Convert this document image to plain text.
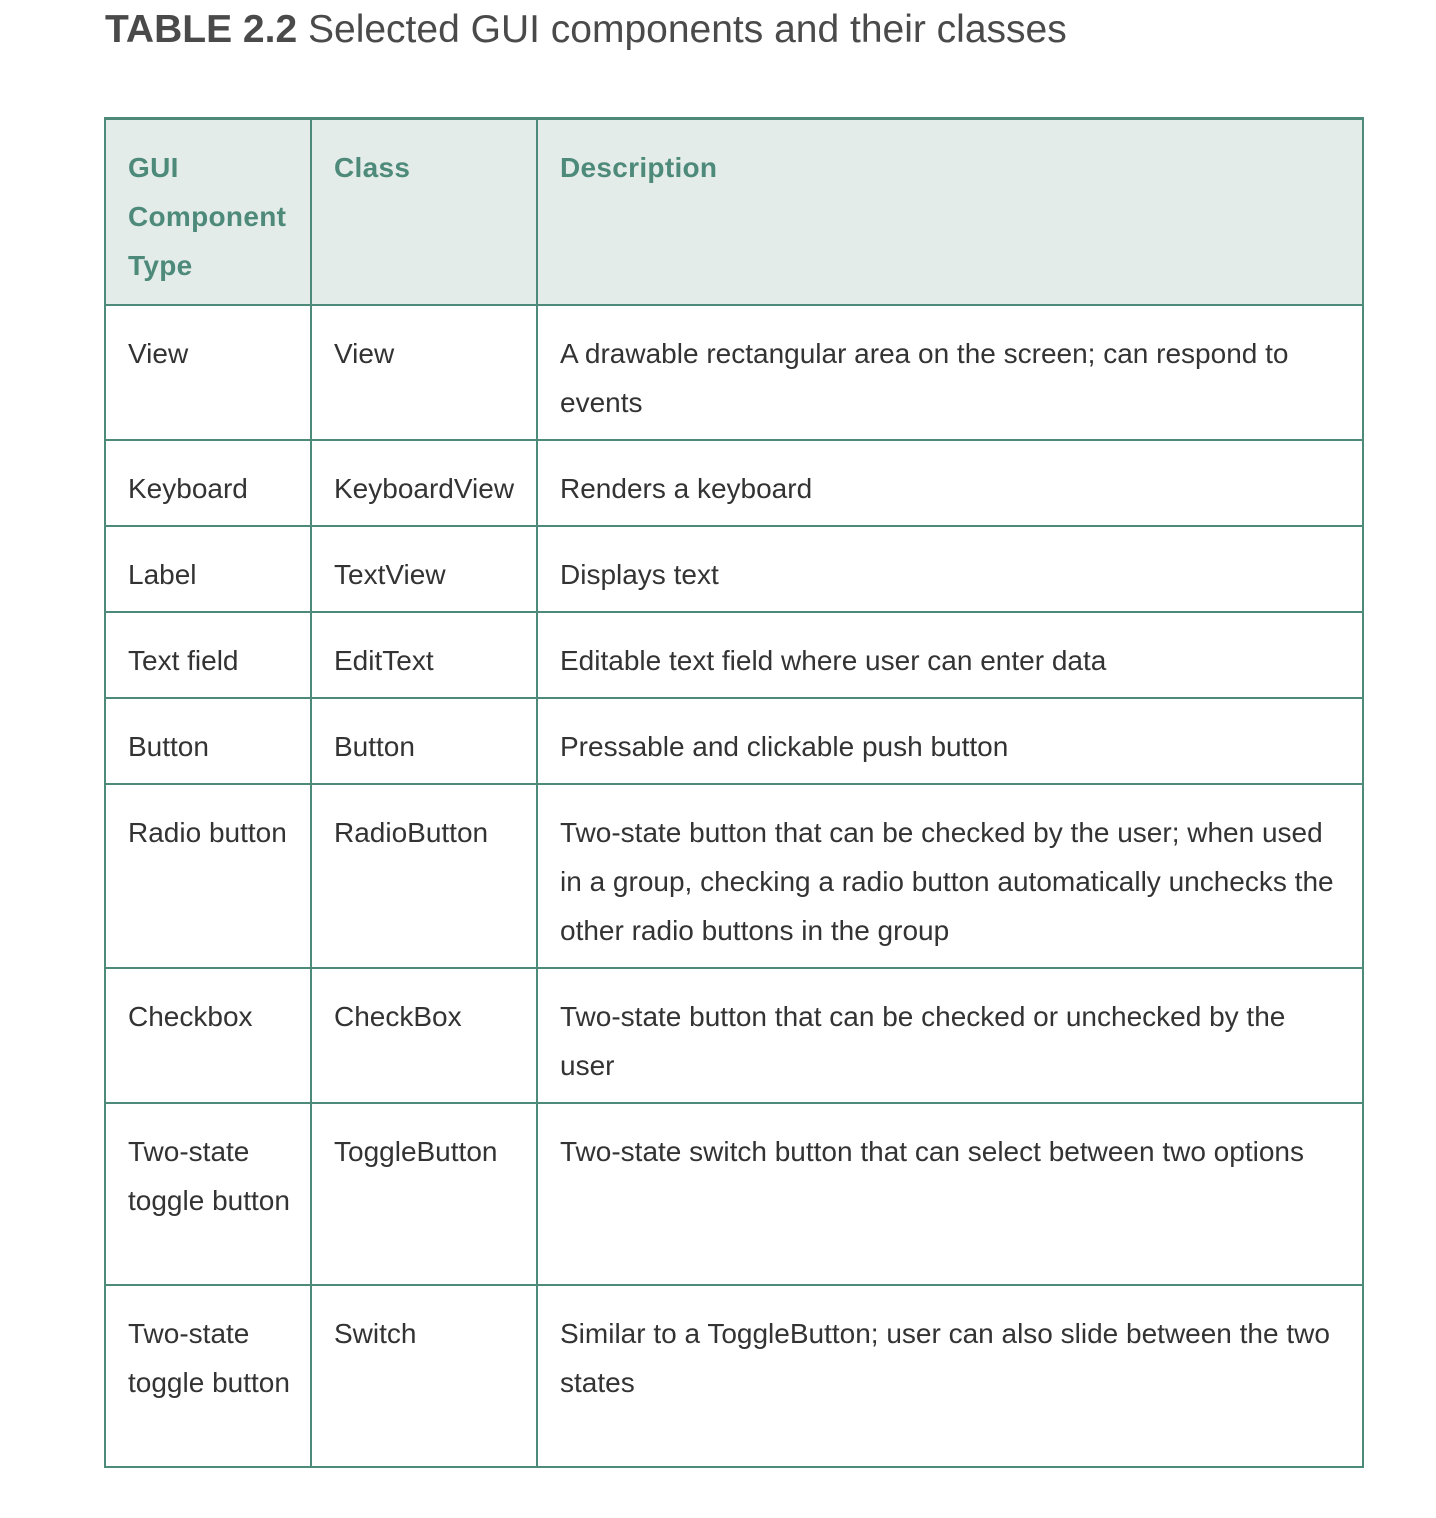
TABLE 2.2 Selected GUI components and their classes
GUI Component Type	Class	Description
View	View	A drawable rectangular area on the screen; can respond to events
Keyboard	KeyboardView	Renders a keyboard
Label	TextView	Displays text
Text field	EditText	Editable text field where user can enter data
Button	Button	Pressable and clickable push button
Radio button	RadioButton	Two-state button that can be checked by the user; when used in a group, checking a radio button automatically unchecks the other radio buttons in the group
Checkbox	CheckBox	Two-state button that can be checked or unchecked by the user
Two-state toggle button	ToggleButton	Two-state switch button that can select between two options
Two-state toggle button	Switch	Similar to a ToggleButton; user can also slide between the two states
